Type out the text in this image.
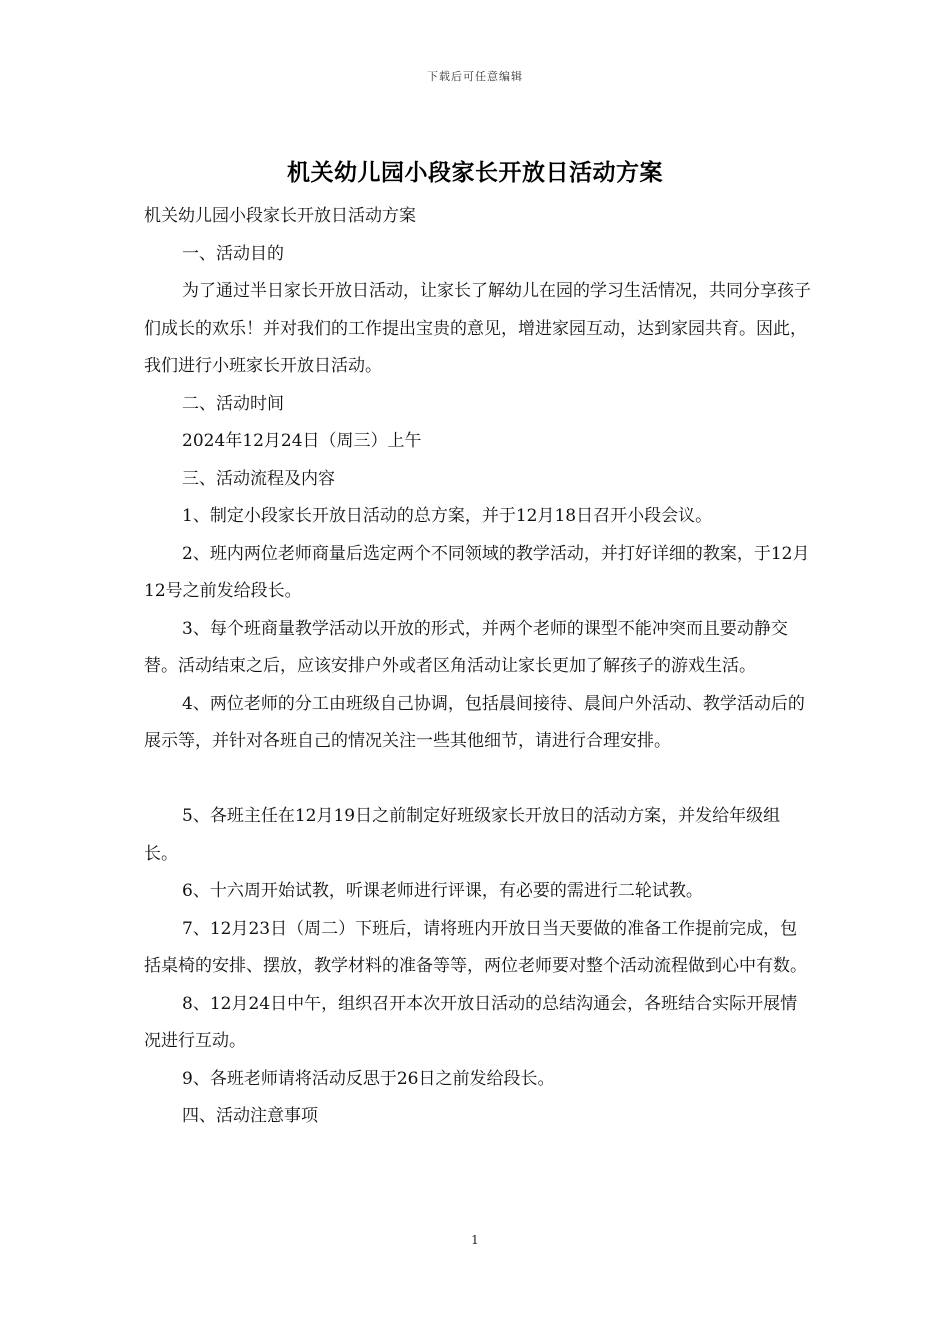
下载后可任意编辑
机关幼儿园小段家长开放日活动方案

机关幼儿园小段家长开放日活动方案

一、活动目的

为了通过半日家长开放日活动，让家长了解幼儿在园的学习生活情况，共同分享孩子们成长的欢乐！并对我们的工作提出宝贵的意见，增进家园互动，达到家园共育。因此，我们进行小班家长开放日活动。

二、活动时间

2024年12月24日（周三）上午

三、活动流程及内容

1、制定小段家长开放日活动的总方案，并于12月18日召开小段会议。

2、班内两位老师商量后选定两个不同领域的教学活动，并打好详细的教案，于12月12号之前发给段长。

3、每个班商量教学活动以开放的形式，并两个老师的课型不能冲突而且要动静交替。活动结束之后，应该安排户外或者区角活动让家长更加了解孩子的游戏生活。

4、两位老师的分工由班级自己协调，包括晨间接待、晨间户外活动、教学活动后的展示等，并针对各班自己的情况关注一些其他细节，请进行合理安排。

5、各班主任在12月19日之前制定好班级家长开放日的活动方案，并发给年级组长。

6、十六周开始试教，听课老师进行评课，有必要的需进行二轮试教。

7、12月23日（周二）下班后，请将班内开放日当天要做的准备工作提前完成，包括桌椅的安排、摆放，教学材料的准备等等，两位老师要对整个活动流程做到心中有数。

8、12月24日中午，组织召开本次开放日活动的总结沟通会，各班结合实际开展情况进行互动。

9、各班老师请将活动反思于26日之前发给段长。

四、活动注意事项

1
